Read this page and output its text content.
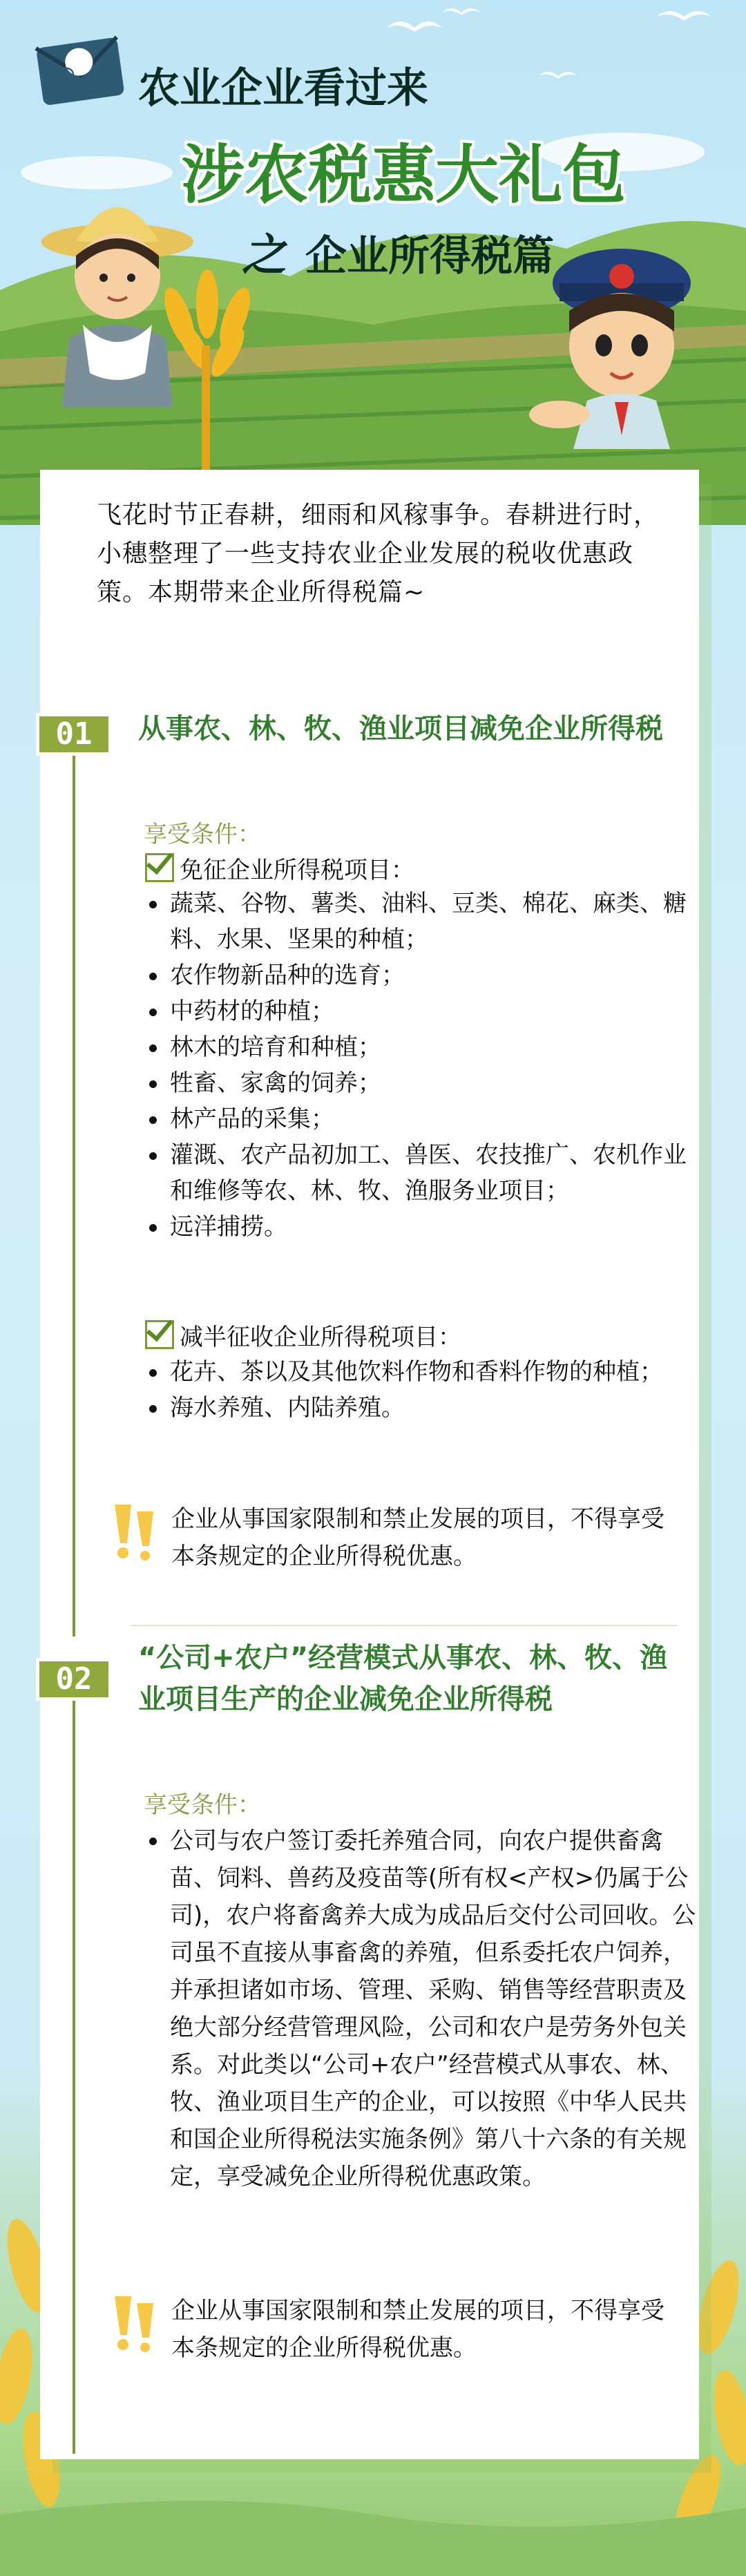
@ 农业企业看过来
涉农税惠大礼包
之 企业所得税篇
飞花时节正春耕，细雨和风稼事争。春耕进行时，小穗整理了一些支持农业企业发展的税收优惠政策。本期带来企业所得税篇~
01	从事农、林、牧、渔业项目减免企业所得税
享受条件：
免征企业所得税项目：
蔬菜、谷物、薯类、油料、豆类、棉花、麻类、糖料、水果、坚果的种植；
农作物新品种的选育；
中药材的种植；
林木的培育和种植；
牲畜、家禽的饲养；
林产品的采集；
灌溉、农产品初加工、兽医、农技推广、农机作业和维修等农、林、牧、渔服务业项目；
远洋捕捞。
减半征收企业所得税项目：
花卉、茶以及其他饮料作物和香料作物的种植；
海水养殖、内陆养殖。
企业从事国家限制和禁止发展的项目，不得享受本条规定的企业所得税优惠。
02
“公司+农户”经营模式从事农、林、牧、渔业项目生产的企业减免企业所得税
享受条件：
公司与农户签订委托养殖合同，向农户提供畜禽苗、饲料、兽药及疫苗等(所有权<产权>仍属于公司)，农户将畜禽养大成为成品后交付公司回收。公司虽不直接从事畜禽的养殖，但系委托农户饲养，并承担诸如市场、管理、采购、销售等经营职责及绝大部分经营管理风险，公司和农户是劳务外包关系。对此类以“公司+农户”经营模式从事农、林、牧、渔业项目生产的企业，可以按照《中华人民共和国企业所得税法实施条例》第八十六条的有关规定，享受减免企业所得税优惠政策。
企业从事国家限制和禁止发展的项目，不得享受本条规定的企业所得税优惠。
